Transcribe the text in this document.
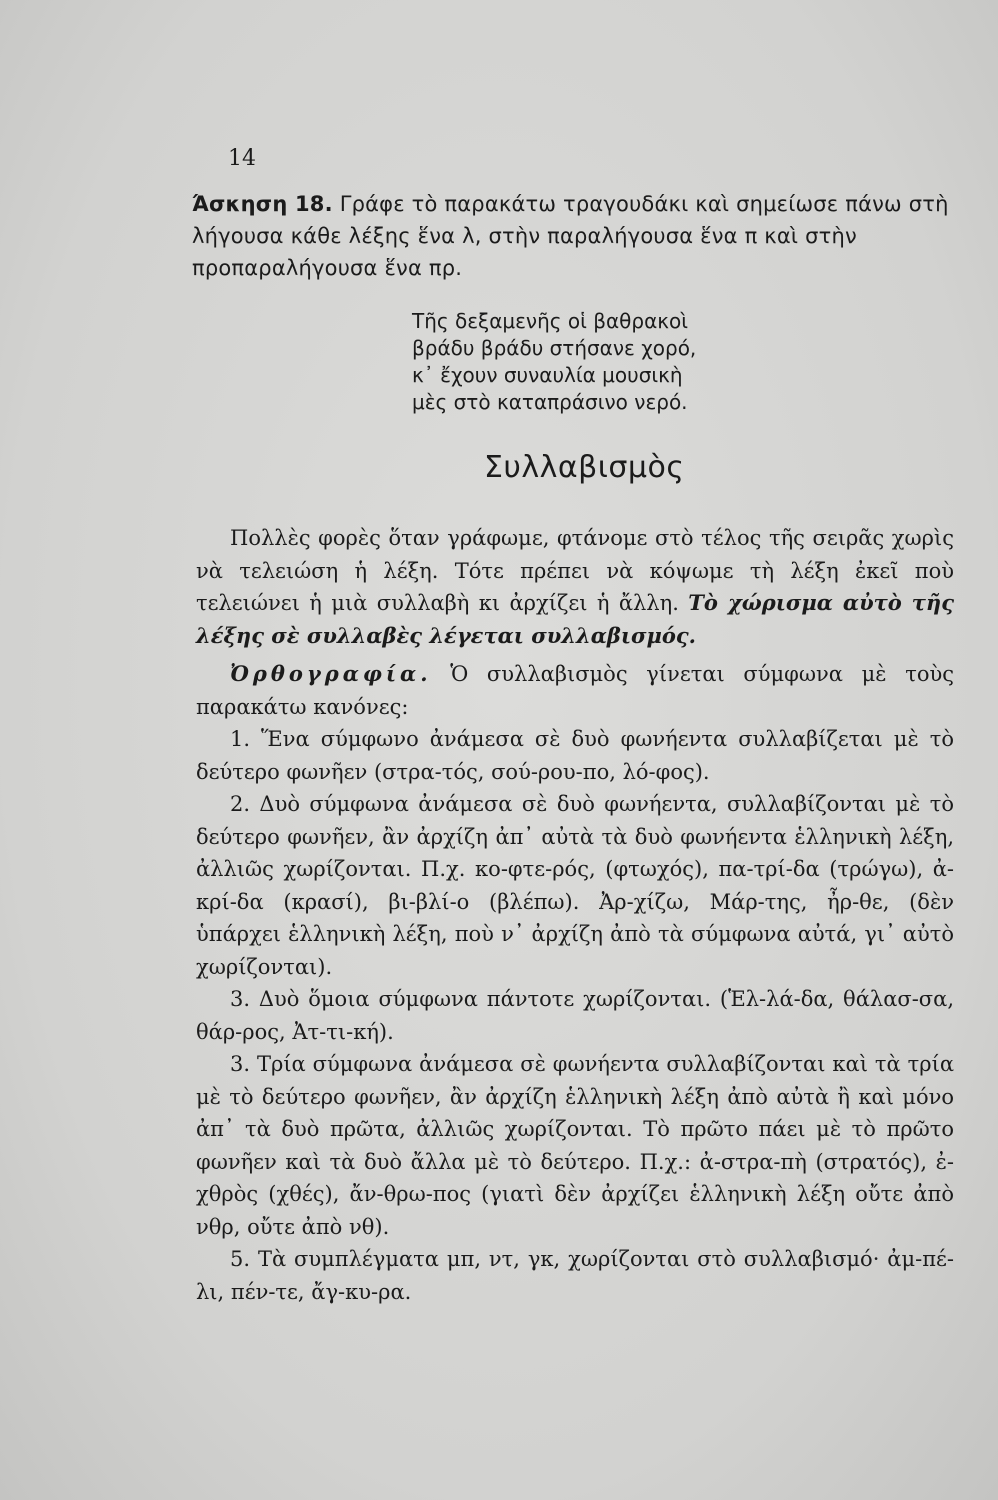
14
Άσκηση 18. Γράφε τὸ παρακάτω τραγουδάκι καὶ σημείωσε πάνω στὴ λήγουσα κάθε λέξης ἕνα λ, στὴν παραλήγουσα ἕνα π καὶ στὴν προπαραλήγουσα ἕνα πρ.
Τῆς δεξαμενῆς οἱ βαθρακοὶ
βράδυ βράδυ στήσανε χορό,
κ᾽ ἔχουν συναυλία μουσικὴ
μὲς στὸ καταπράσινο νερό.
Συλλαβισμὸς

Πολλὲς φορὲς ὅταν γράφωμε, φτάνομε στὸ τέλος τῆς σειρᾶς χωρὶς νὰ τελειώση ἡ λέξη. Τότε πρέπει νὰ κόψωμε τὴ λέξη ἐκεῖ ποὺ τελειώνει ἡ μιὰ συλλαβὴ κι ἀρχίζει ἡ ἄλλη. Τὸ χώρισμα αὐτὸ τῆς λέξης σὲ συλλαβὲς λέγεται συλλαβισμός.

Ὀρθογραφία. Ὁ συλλαβισμὸς γίνεται σύμφωνα μὲ τοὺς παρακάτω κανόνες:

1. Ἕνα σύμφωνο ἀνάμεσα σὲ δυὸ φωνήεντα συλλαβίζεται μὲ τὸ δεύτερο φωνῆεν (στρα-τός, σού-ρου-πο, λό-φος).

2. Δυὸ σύμφωνα ἀνάμεσα σὲ δυὸ φωνήεντα, συλλαβίζονται μὲ τὸ δεύτερο φωνῆεν, ἂν ἀρχίζη ἀπ᾽ αὐτὰ τὰ δυὸ φωνήεντα ἑλληνικὴ λέξη, ἀλλιῶς χωρίζονται. Π.χ. κο-φτε-ρός, (φτωχός), πα-τρί-δα (τρώγω), ἀ-κρί-δα (κρασί), βι-βλί-ο (βλέπω). Ἀρ-χίζω, Μάρ-της, ἦρ-θε, (δὲν ὑπάρχει ἑλληνικὴ λέξη, ποὺ ν᾽ ἀρχίζη ἀπὸ τὰ σύμφωνα αὐτά, γι᾽ αὐτὸ χωρίζονται).

3. Δυὸ ὅμοια σύμφωνα πάντοτε χωρίζονται. (Ἑλ-λά-δα, θάλασ-σα, θάρ-ρος, Ἀτ-τι-κή).

3. Τρία σύμφωνα ἀνάμεσα σὲ φωνήεντα συλλαβίζονται καὶ τὰ τρία μὲ τὸ δεύτερο φωνῆεν, ἂν ἀρχίζη ἑλληνικὴ λέξη ἀπὸ αὐτὰ ἢ καὶ μόνο ἀπ᾽ τὰ δυὸ πρῶτα, ἀλλιῶς χωρίζονται. Τὸ πρῶτο πάει μὲ τὸ πρῶτο φωνῆεν καὶ τὰ δυὸ ἄλλα μὲ τὸ δεύτερο. Π.χ.: ἀ-στρα-πὴ (στρατός), ἐ-χθρὸς (χθές), ἄν-θρω-πος (γιατὶ δὲν ἀρχίζει ἑλληνικὴ λέξη οὔτε ἀπὸ νθρ, οὔτε ἀπὸ νθ).

5. Τὰ συμπλέγματα μπ, ντ, γκ, χωρίζονται στὸ συλλαβισμό· ἀμ-πέ-λι, πέν-τε, ἄγ-κυ-ρα.
